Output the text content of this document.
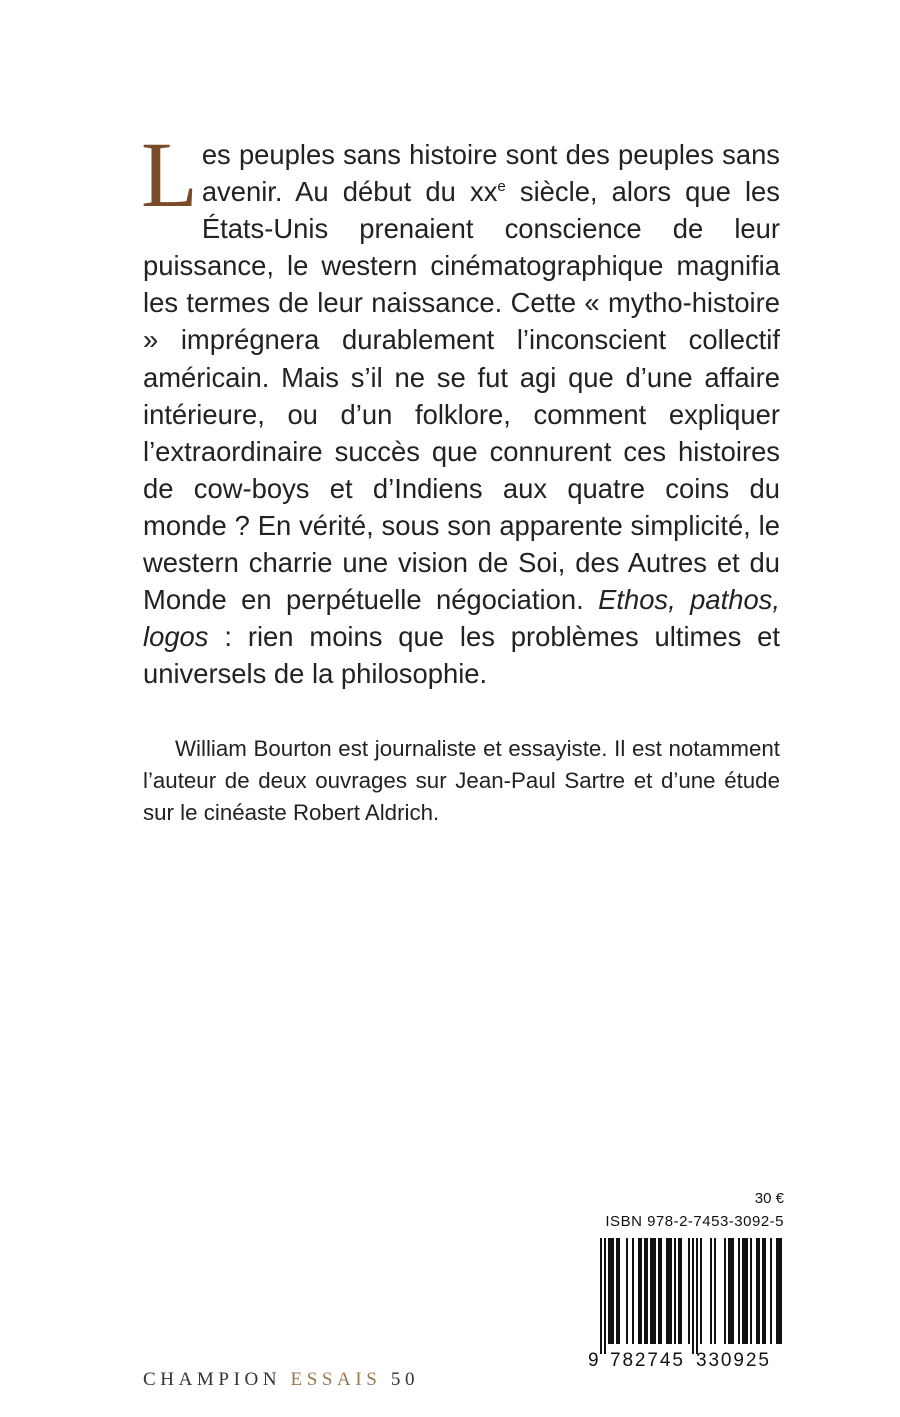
Les peuples sans histoire sont des peuples sans avenir. Au début du $xx^e$ siècle, alors que les États-Unis prenaient conscience de leur puissance, le western cinématographique magnifia les termes de leur naissance. Cette « mytho-histoire » imprégnera durablement l’inconscient collectif américain. Mais s’il ne se fut agi que d’une affaire intérieure, ou d’un folklore, comment expliquer l’extraordinaire succès que connurent ces histoires de cow-boys et d’Indiens aux quatre coins du monde ? En vérité, sous son apparente simplicité, le western charrie une vision de Soi, des Autres et du Monde en perpétuelle négociation. Ethos, pathos, logos : rien moins que les problèmes ultimes et universels de la philosophie.

William Bourton est journaliste et essayiste. Il est notamment l’auteur de deux ouvrages sur Jean-Paul Sartre et d’une étude sur le cinéaste Robert Aldrich.

CHAMPION ESSAIS 50
30 €
ISBN 978-2-7453-3092-5
9 782745 330925
